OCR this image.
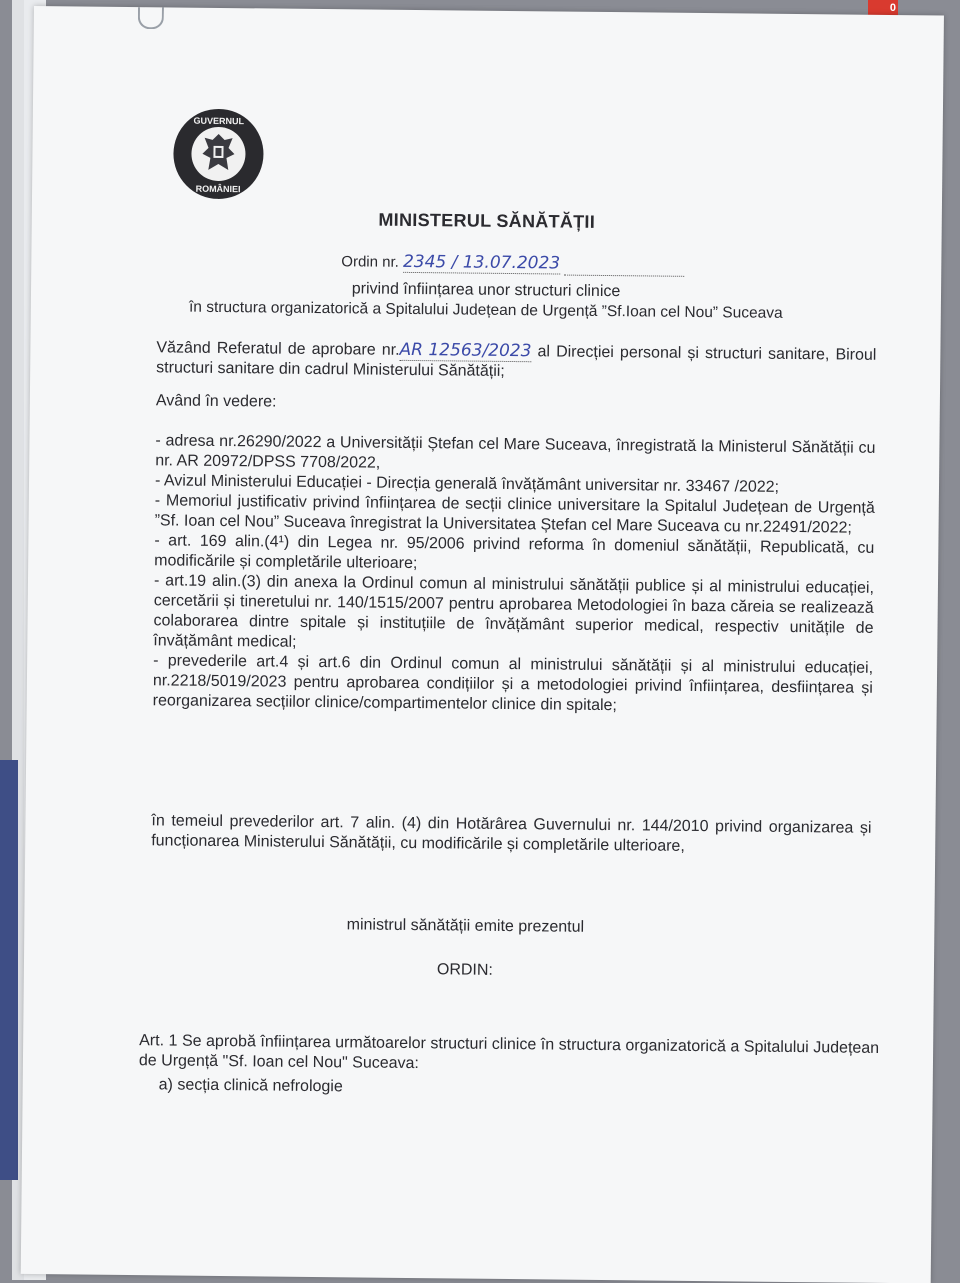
0
GUVERNUL
ROMÂNIEI
MINISTERUL SĂNĂTĂȚII
Ordin nr. 2345 / 13.07.2023
privind înființarea unor structuri clinice
în structura organizatorică a Spitalului Județean de Urgență ”Sf.Ioan cel Nou” Suceava
Văzând Referatul de aprobare nr.AR 12563/2023 al Direcției personal și structuri sanitare, Biroul structuri sanitare din cadrul Ministerului Sănătății;
Având în vedere:
- adresa nr.26290/2022 a Universității Ștefan cel Mare Suceava, înregistrată la Ministerul Sănătății cu nr. AR 20972/DPSS 7708/2022,
- Avizul Ministerului Educației - Direcția generală învățământ universitar nr. 33467 /2022;
- Memoriul justificativ privind înființarea de secții clinice universitare la Spitalul Județean de Urgență ”Sf. Ioan cel Nou” Suceava înregistrat la Universitatea Ștefan cel Mare Suceava cu nr.22491/2022;
- art. 169 alin.(4¹) din Legea nr. 95/2006 privind reforma în domeniul sănătății, Republicată, cu modificările și completările ulterioare;
- art.19 alin.(3) din anexa la Ordinul comun al ministrului sănătății publice și al ministrului educației, cercetării și tineretului nr. 140/1515/2007 pentru aprobarea Metodologiei în baza căreia se realizează colaborarea dintre spitale și instituțiile de învățământ superior medical, respectiv unitățile de învățământ medical;
- prevederile art.4 și art.6 din Ordinul comun al ministrului sănătății și al ministrului educației, nr.2218/5019/2023 pentru aprobarea condițiilor și a metodologiei privind înființarea, desființarea și reorganizarea secțiilor clinice/compartimentelor clinice din spitale;
în temeiul prevederilor art. 7 alin. (4) din Hotărârea Guvernului nr. 144/2010 privind organizarea și funcționarea Ministerului Sănătății, cu modificările și completările ulterioare,
ministrul sănătății emite prezentul
ORDIN:
Art. 1 Se aprobă înființarea următoarelor structuri clinice în structura organizatorică a Spitalului Județean de Urgență "Sf. Ioan cel Nou" Suceava:
a) secția clinică nefrologie
